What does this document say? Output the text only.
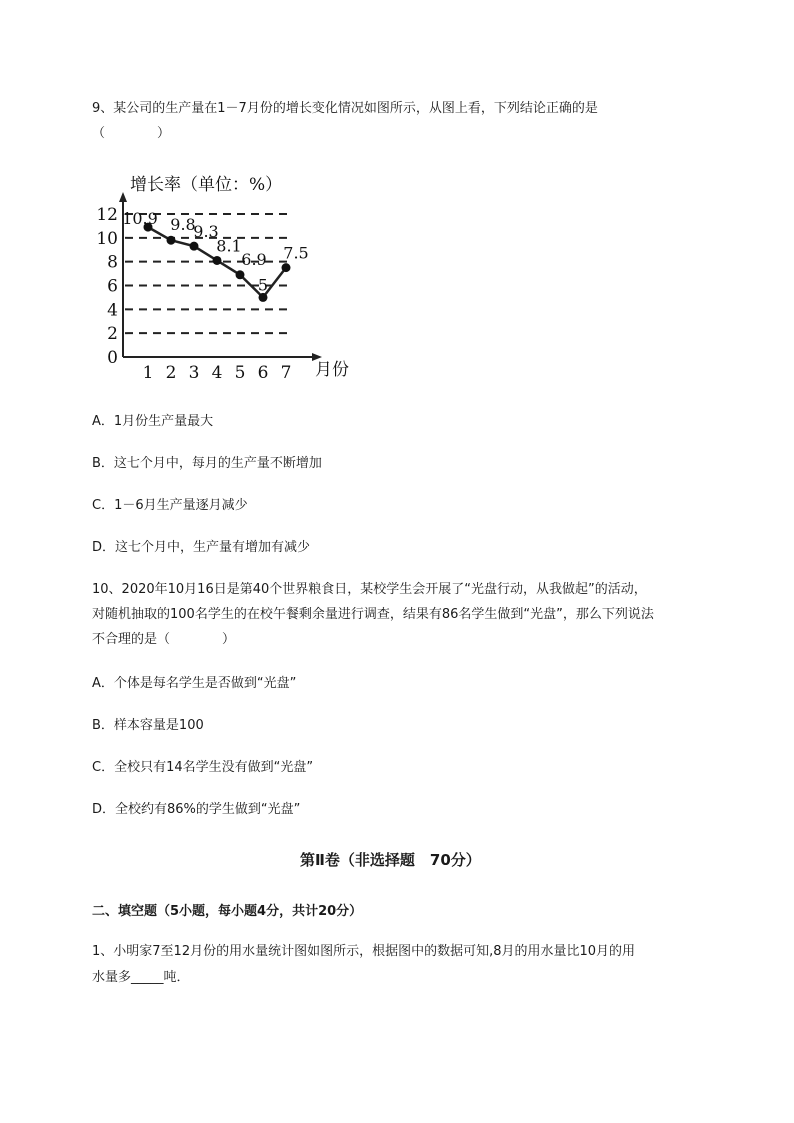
9、某公司的生产量在1－7月份的增长变化情况如图所示，从图上看，下列结论正确的是
（　　　　）
增长率（单位：%）
0
2
4
6
8
10
12
1 2 3 4 5 6 7
10.9 9.8
9.3
8.1
6.9
5
7.5
月份
A．1月份生产量最大
B．这七个月中，每月的生产量不断增加
C．1－6月生产量逐月减少
D．这七个月中，生产量有增加有减少
10、2020年10月16日是第40个世界粮食日，某校学生会开展了“光盘行动，从我做起”的活动，
对随机抽取的100名学生的在校午餐剩余量进行调查，结果有86名学生做到“光盘”，那么下列说法
不合理的是（　　　　）
A．个体是每名学生是否做到“光盘”
B．样本容量是100
C．全校只有14名学生没有做到“光盘”
D．全校约有86%的学生做到“光盘”
第Ⅱ卷（非选择题　70分）
二、填空题（5小题，每小题4分，共计20分）
1、小明家7至12月份的用水量统计图如图所示，根据图中的数据可知,8月的用水量比10月的用
水量多_____吨．
